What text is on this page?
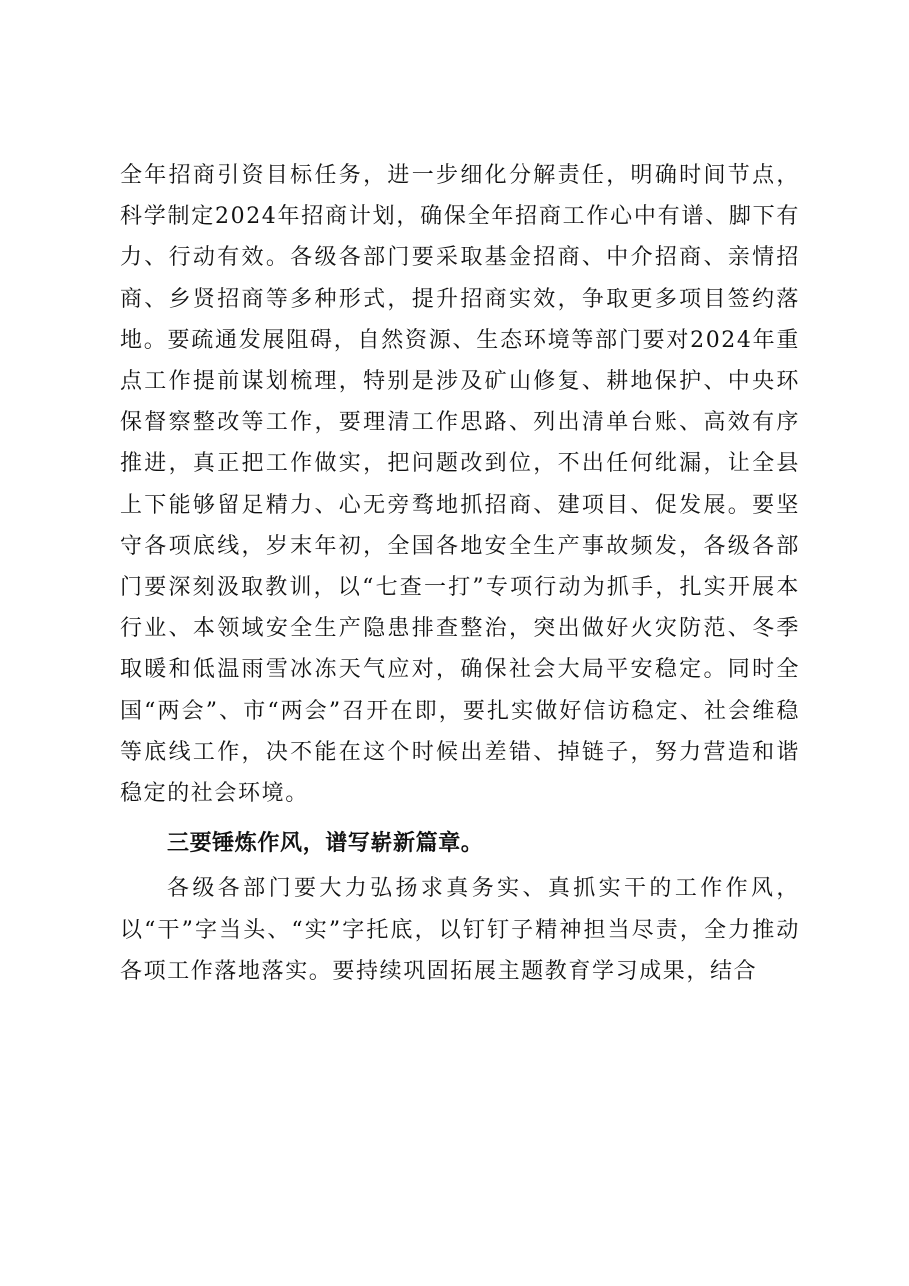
全年招商引资目标任务，进一步细化分解责任，明确时间节点，科学制定2024年招商计划，确保全年招商工作心中有谱、脚下有力、行动有效。各级各部门要采取基金招商、中介招商、亲情招商、乡贤招商等多种形式，提升招商实效，争取更多项目签约落地。要疏通发展阻碍，自然资源、生态环境等部门要对2024年重点工作提前谋划梳理，特别是涉及矿山修复、耕地保护、中央环保督察整改等工作，要理清工作思路、列出清单台账、高效有序推进，真正把工作做实，把问题改到位，不出任何纰漏，让全县上下能够留足精力、心无旁骛地抓招商、建项目、促发展。要坚守各项底线，岁末年初，全国各地安全生产事故频发，各级各部门要深刻汲取教训，以“七查一打”专项行动为抓手，扎实开展本行业、本领域安全生产隐患排查整治，突出做好火灾防范、冬季取暖和低温雨雪冰冻天气应对，确保社会大局平安稳定。同时全国“两会”、市“两会”召开在即，要扎实做好信访稳定、社会维稳等底线工作，决不能在这个时候出差错、掉链子，努力营造和谐稳定的社会环境。

三要锤炼作风，谱写崭新篇章。

各级各部门要大力弘扬求真务实、真抓实干的工作作风，以“干”字当头、“实”字托底，以钉钉子精神担当尽责，全力推动各项工作落地落实。要持续巩固拓展主题教育学习成果，结合
